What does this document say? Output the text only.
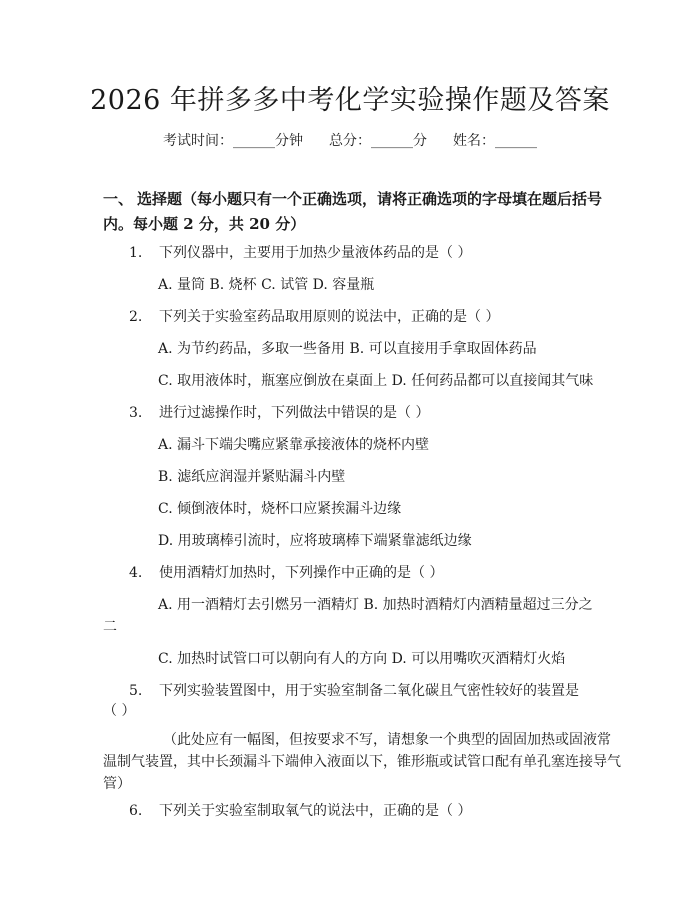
2026 年拼多多中考化学实验操作题及答案
考试时间：______分钟 总分：______分 姓名：______
一、 选择题（每小题只有一个正确选项，请将正确选项的字母填在题后括号内。每小题 2 分，共 20 分）
1. 下列仪器中，主要用于加热少量液体药品的是（ ）
A. 量筒 B. 烧杯 C. 试管 D. 容量瓶
2. 下列关于实验室药品取用原则的说法中，正确的是（ ）
A. 为节约药品，多取一些备用 B. 可以直接用手拿取固体药品
C. 取用液体时，瓶塞应倒放在桌面上 D. 任何药品都可以直接闻其气味
3. 进行过滤操作时，下列做法中错误的是（ ）
A. 漏斗下端尖嘴应紧靠承接液体的烧杯内壁
B. 滤纸应润湿并紧贴漏斗内壁
C. 倾倒液体时，烧杯口应紧挨漏斗边缘
D. 用玻璃棒引流时，应将玻璃棒下端紧靠滤纸边缘
4. 使用酒精灯加热时，下列操作中正确的是（ ）
A. 用一酒精灯去引燃另一酒精灯 B. 加热时酒精灯内酒精量超过三分之
二
C. 加热时试管口可以朝向有人的方向 D. 可以用嘴吹灭酒精灯火焰
5. 下列实验装置图中，用于实验室制备二氧化碳且气密性较好的装置是
（ ）
（此处应有一幅图，但按要求不写，请想象一个典型的固固加热或固液常温制气装置，其中长颈漏斗下端伸入液面以下，锥形瓶或试管口配有单孔塞连接导气管）
6. 下列关于实验室制取氧气的说法中，正确的是（ ）
